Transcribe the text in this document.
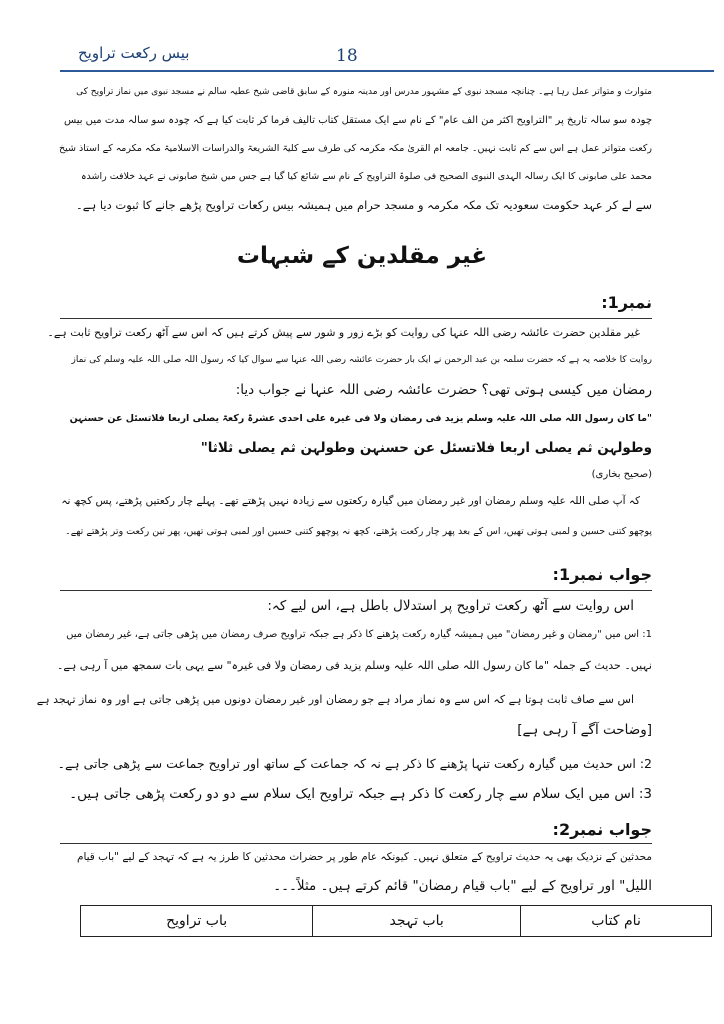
بیس رکعت تراویح	18
متوارث و متواتر عمل رہا ہے۔ چنانچہ مسجد نبوی کے مشہور مدرس اور مدینہ منورہ کے سابق قاضی شیخ عطیہ سالم نے مسجد نبوی میں نماز تراویح کی
چودہ سو سالہ تاریخ پر "التراویح اکثر من الف عام" کے نام سے ایک مستقل کتاب تالیف فرما کر ثابت کیا ہے کہ چودہ سو سالہ مدت میں بیس
رکعت متواتر عمل ہے اس سے کم ثابت نہیں۔ جامعہ ام القریٰ مکہ مکرمہ کی طرف سے کلیۃ الشریعۃ والدراسات الاسلامیۃ مکہ مکرمہ کے استاذ شیخ
محمد علی صابونی کا ایک رسالہ الہدی النبوی الصحیح فی صلوۃ التراویح کے نام سے شائع کیا گیا ہے جس میں شیخ صابونی نے عہد خلافت راشدہ
سے لے کر عہد حکومت سعودیہ تک مکہ مکرمہ و مسجد حرام میں ہمیشہ بیس رکعات تراویح پڑھے جانے کا ثبوت دیا ہے۔
غیر مقلدین کے شبہات
نمبر1:
غیر مقلدین حضرت عائشہ رضی اللہ عنہا کی روایت کو بڑے زور و شور سے پیش کرتے ہیں کہ اس سے آٹھ رکعت تراویح ثابت ہے۔
روایت کا خلاصہ یہ ہے کہ حضرت سلمہ بن عبد الرحمن نے ایک بار حضرت عائشہ رضی اللہ عنہا سے سوال کیا کہ رسول اللہ صلی اللہ علیہ وسلم کی نماز
رمضان میں کیسی ہوتی تھی؟ حضرت عائشہ رضی اللہ عنہا نے جواب دیا:
"ما کان رسول اللہ صلی اللہ علیہ وسلم یزید فی رمضان ولا فی غیرہ علی احدی عشرۃ رکعۃ یصلی اربعا فلاتسئل عن حسنہن
وطولہن ثم یصلی اربعا فلاتسئل عن حسنہن وطولہن ثم یصلی ثلاثا"
(صحیح بخاری)
کہ آپ صلی اللہ علیہ وسلم رمضان اور غیر رمضان میں گیارہ رکعتوں سے زیادہ نہیں پڑھتے تھے۔ پہلے چار رکعتیں پڑھتے، پس کچھ نہ
پوچھو کتنی حسین و لمبی ہوتی تھیں، اس کے بعد پھر چار رکعت پڑھتے، کچھ نہ پوچھو کتنی حسین اور لمبی ہوتی تھیں، پھر تین رکعت وتر پڑھتے تھے۔
جواب نمبر1:
اس روایت سے آٹھ رکعت تراویح پر استدلال باطل ہے، اس لیے کہ:
1: اس میں "رمضان و غیر رمضان" میں ہمیشہ گیارہ رکعت پڑھنے کا ذکر ہے جبکہ تراویح صرف رمضان میں پڑھی جاتی ہے، غیر رمضان میں
نہیں۔ حدیث کے جملہ "ما کان رسول اللہ صلی اللہ علیہ وسلم یزید فی رمضان ولا فی غیرہ" سے یہی بات سمجھ میں آ رہی ہے۔
اس سے صاف ثابت ہوتا ہے کہ اس سے وہ نماز مراد ہے جو رمضان اور غیر رمضان دونوں میں پڑھی جاتی ہے اور وہ نماز تہجد ہے
[وضاحت آگے آ رہی ہے]
2: اس حدیث میں گیارہ رکعت تنہا پڑھنے کا ذکر ہے نہ کہ جماعت کے ساتھ اور تراویح جماعت سے پڑھی جاتی ہے۔
3: اس میں ایک سلام سے چار رکعت کا ذکر ہے جبکہ تراویح ایک سلام سے دو دو رکعت پڑھی جاتی ہیں۔
جواب نمبر2:
محدثین کے نزدیک بھی یہ حدیث تراویح کے متعلق نہیں۔ کیونکہ عام طور پر حضرات محدثین کا طرز یہ ہے کہ تہجد کے لیے "باب قیام
اللیل" اور تراویح کے لیے "باب قیام رمضان" قائم کرتے ہیں۔ مثلاً۔۔۔
نام کتاب	باب تہجد	باب تراویح
